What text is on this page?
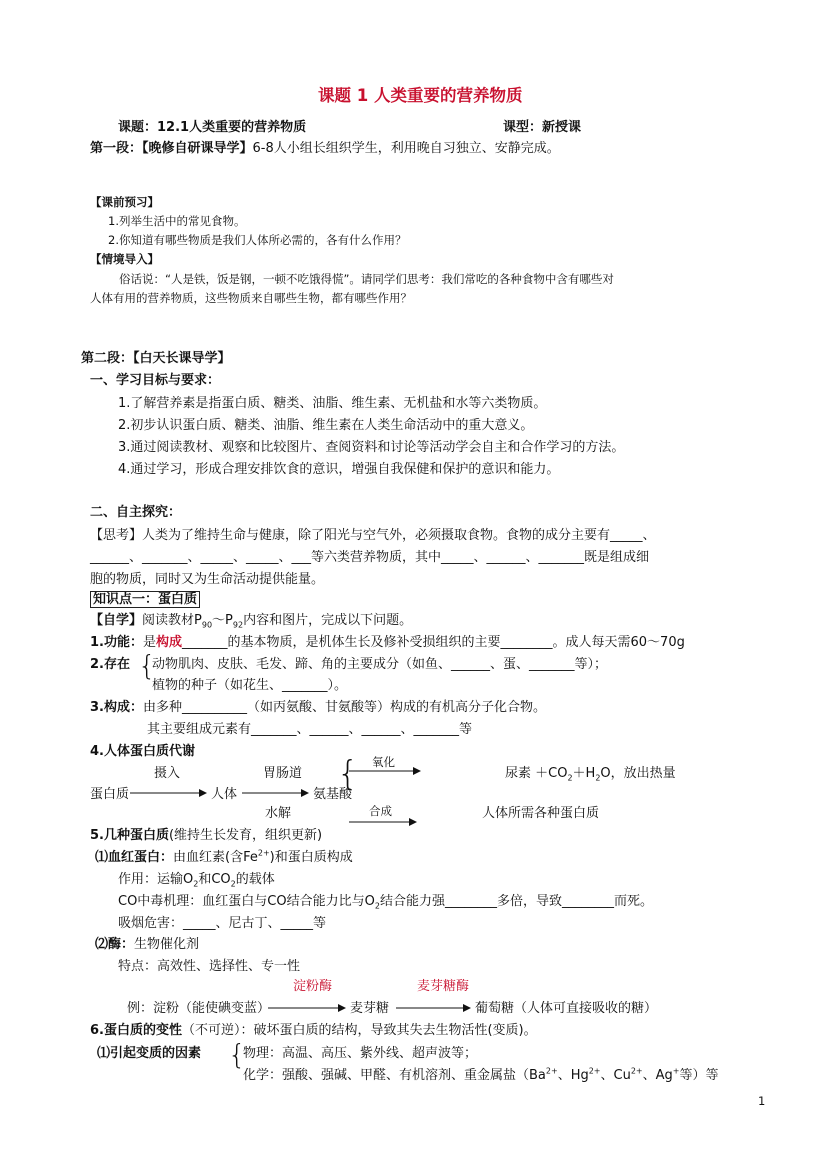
课题 1 人类重要的营养物质
课题：12.1人类重要的营养物质	课型：新授课
第一段：【晚修自研课导学】6-8人小组长组织学生，利用晚自习独立、安静完成。
【课前预习】
1.列举生活中的常见食物。
2.你知道有哪些物质是我们人体所必需的，各有什么作用？
【情境导入】
俗话说：“人是铁，饭是钢，一顿不吃饿得慌”。请同学们思考：我们常吃的各种食物中含有哪些对
人体有用的营养物质，这些物质来自哪些生物，都有哪些作用？
第二段：【白天长课导学】
一、学习目标与要求：
1.了解营养素是指蛋白质、糖类、油脂、维生素、无机盐和水等六类物质。
2.初步认识蛋白质、糖类、油脂、维生素在人类生命活动中的重大意义。
3.通过阅读教材、观察和比较图片、查阅资料和讨论等活动学会自主和合作学习的方法。
4.通过学习，形成合理安排饮食的意识，增强自我保健和保护的意识和能力。
二、自主探究：
【思考】人类为了维持生命与健康，除了阳光与空气外，必须摄取食物。食物的成分主要有_____、
______、_______、_____、_____、___等六类营养物质，其中_____、______、_______既是组成细
胞的物质，同时又为生命活动提供能量。
知识点一：蛋白质
【自学】阅读教材$P_{90}\sim P_{92}$内容和图片，完成以下问题。
1.功能：是构成_______的基本物质，是机体生长及修补受损组织的主要________。成人每天需60～70g
2.存在 {
动物肌肉、皮肤、毛发、蹄、角的主要成分（如鱼、______、蛋、_______等）；
植物的种子（如花生、_______）。
3.构成：由多种__________（如丙氨酸、甘氨酸等）构成的有机高分子化合物。
其主要组成元素有_______、______、______、_______等
4.人体蛋白质代谢
摄入	胃肠道
氧化
尿素 $+CO_2+H_2O$，放出热量
{
蛋白质	人体	氨基酸
水解	合成	人体所需各种蛋白质
5.几种蛋白质(维持生长发育，组织更新)
⑴血红蛋白：由血红素(含$Fe^{2+}$)和蛋白质构成
作用：运输$O_2$和$CO_2$的载体
CO中毒机理：血红蛋白与CO结合能力比与$O_2$结合能力强________多倍，导致________而死。
吸烟危害：_____、尼古丁、_____等
⑵酶：生物催化剂
特点：高效性、选择性、专一性
淀粉酶	麦芽糖酶
例：淀粉（能使碘变蓝）	麦芽糖	葡萄糖（人体可直接吸收的糖）
6.蛋白质的变性（不可逆）：破坏蛋白质的结构，导致其失去生物活性(变质)。
⑴引起变质的因素 {
物理：高温、高压、紫外线、超声波等；
化学：强酸、强碱、甲醛、有机溶剂、重金属盐（$Ba^{2+}$、$Hg^{2+}$、$Cu^{2+}$、Ag+等）等
1
